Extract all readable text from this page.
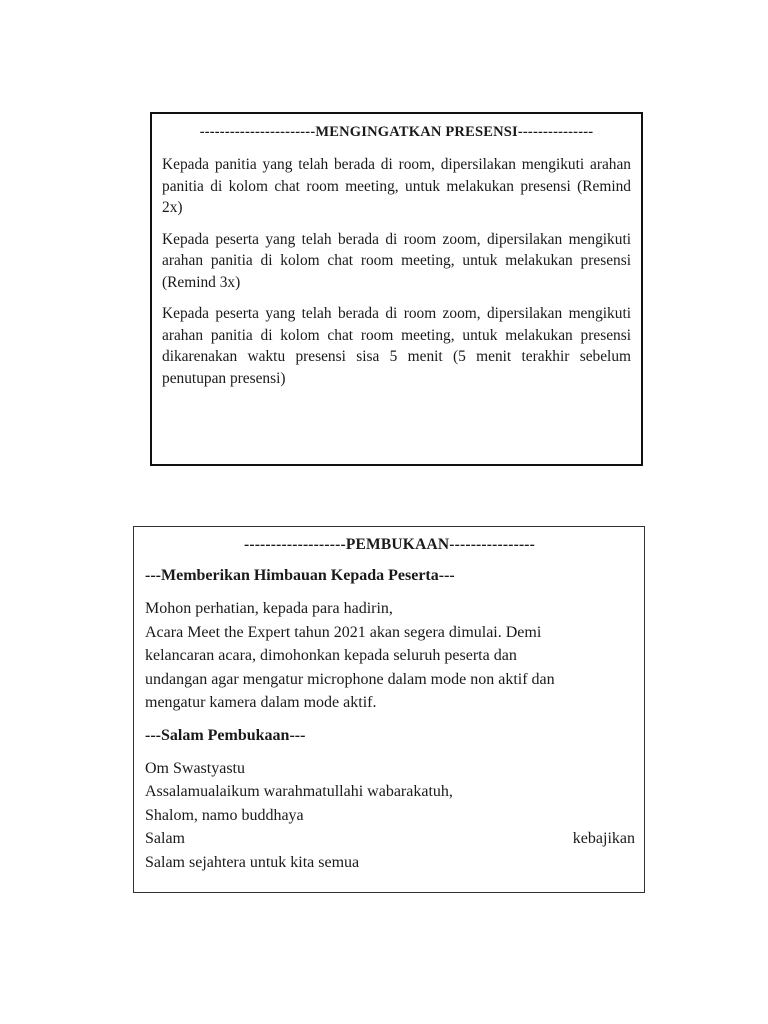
-----------------------MENGINGATKAN PRESENSI---------------

Kepada panitia yang telah berada di room, dipersilakan mengikuti arahan panitia di kolom chat room meeting, untuk melakukan presensi (Remind 2x)

Kepada peserta yang telah berada di room zoom, dipersilakan mengikuti arahan panitia di kolom chat room meeting, untuk melakukan presensi (Remind 3x)

Kepada peserta yang telah berada di room zoom, dipersilakan mengikuti arahan panitia di kolom chat room meeting, untuk melakukan presensi dikarenakan waktu presensi sisa 5 menit (5 menit terakhir sebelum penutupan presensi)

-------------------PEMBUKAAN----------------
---Memberikan Himbauan Kepada Peserta---
Mohon perhatian, kepada para hadirin,
Acara Meet the Expert tahun 2021 akan segera dimulai. Demi
kelancaran acara, dimohonkan kepada seluruh peserta dan
undangan agar mengatur microphone dalam mode non aktif dan
mengatur kamera dalam mode aktif.
---Salam Pembukaan---
Om Swastyastu
Assalamualaikum warahmatullahi wabarakatuh,
Shalom, namo buddhaya
Salam	kebajikan
Salam sejahtera untuk kita semua
